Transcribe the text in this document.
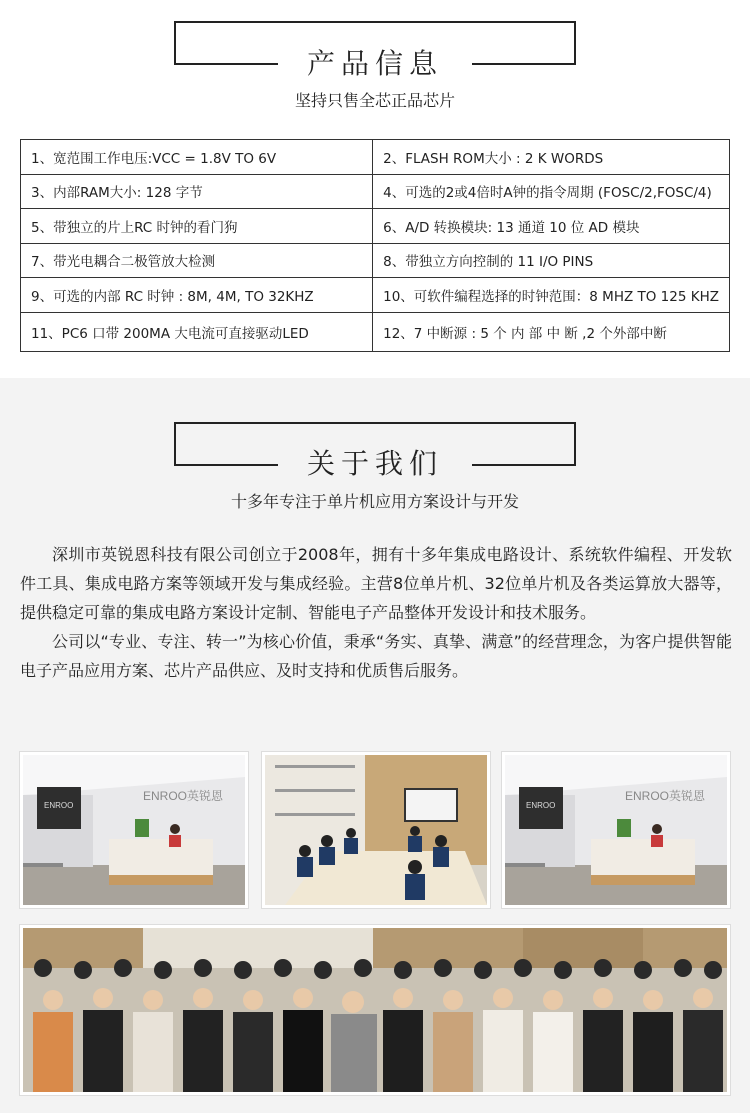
产品信息
坚持只售全芯正品芯片
1、宽范围工作电压:VCC = 1.8V TO 6V	2、FLASH ROM大小 : 2 K WORDS
3、内部RAM大小: 128 字节	4、可选的2或4倍时A钟的指令周期 (FOSC/2,FOSC/4)
5、带独立的片上RC 时钟的看门狗	6、A/D 转换模块: 13 通道 10 位 AD 模块
7、带光电耦合二极管放大检测	8、带独立方向控制的 11 I/O PINS
9、可选的内部 RC 时钟 : 8M, 4M, TO 32KHZ	10、可软件编程选择的时钟范围：8 MHZ TO 125 KHZ
11、PC6 口带 200MA 大电流可直接驱动LED	12、7 中断源 : 5 个 内 部 中 断 ,2 个外部中断
关于我们
十多年专注于单片机应用方案设计与开发

深圳市英锐恩科技有限公司创立于2008年，拥有十多年集成电路设计、系统软件编程、开发软件工具、集成电路方案等领域开发与集成经验。主营8位单片机、32位单片机及各类运算放大器等，提供稳定可靠的集成电路方案设计定制、智能电子产品整体开发设计和技术服务。

公司以“专业、专注、转一”为核心价值，秉承“务实、真挚、满意”的经营理念，为客户提供智能电子产品应用方案、芯片产品供应、及时支持和优质售后服务。

ENROO
ENROO英锐恩
ENROO
ENROO英锐恩
